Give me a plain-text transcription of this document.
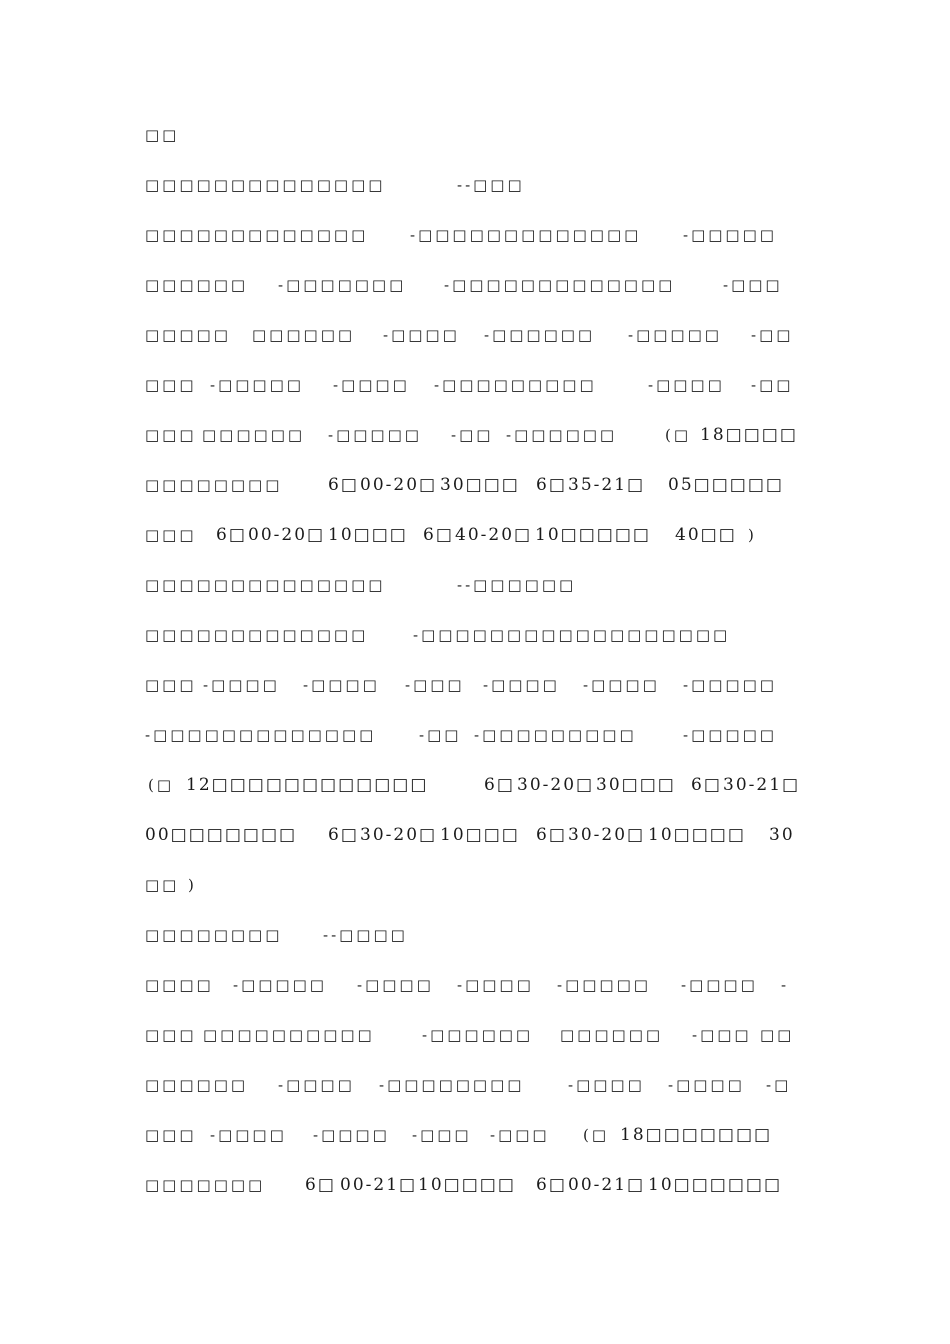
□□
□□□□□□□□□□□□□□	--□□□
□□□□□□□□□□□□□	-□□□□□□□□□□□□□	-□□□□□
□□□□□□ -□□□□□□□	-□□□□□□□□□□□□□	-□□□
□□□□□ □□□□□□ -□□□□ -□□□□□□ -□□□□□ -□□
□□□ -□□□□□ -□□□□ -□□□□□□□□□	-□□□□ -□□
□□□ □□□□□□ -□□□□□ -□□ -□□□□□□	(□ 18□□□□
□□□□□□□□	6□ 00-20□ 30□□□ 6□ 35-21□ 05□□□□□
□□□ 6□ 00-20□ 10□□□ 6□ 40-20□ 10□□□□□ 40□□ )
□□□□□□□□□□□□□□	--□□□□□□
□□□□□□□□□□□□□	-□□□□□□□□□□□□□□□□□□
□□□ -□□□□ -□□□□ -□□□ -□□□□ -□□□□ -□□□□□
-□□□□□□□□□□□□□	-□□ -□□□□□□□□□	-□□□□□
(□ 12□□□□□□□□□□□□	6□ 30-20□ 30□□□ 6□ 30-21□
00□□□□□□□ 6□ 30-20□ 10□□□ 6□ 30-20□ 10□□□□ 30
□□ )
□□□□□□□□	--□□□□
□□□□ -□□□□□ -□□□□ -□□□□ -□□□□□ -□□□□ -
□□□ □□□□□□□□□□	-□□□□□□ □□□□□□ -□□□ □□
□□□□□□ -□□□□ -□□□□□□□□	-□□□□ -□□□□ -□
□□□ -□□□□ -□□□□ -□□□ -□□□ (□ 18□□□□□□□
□□□□□□□ 6□ 00-21□ 10□□□□ 6□ 00-21□ 10□□□□□□
